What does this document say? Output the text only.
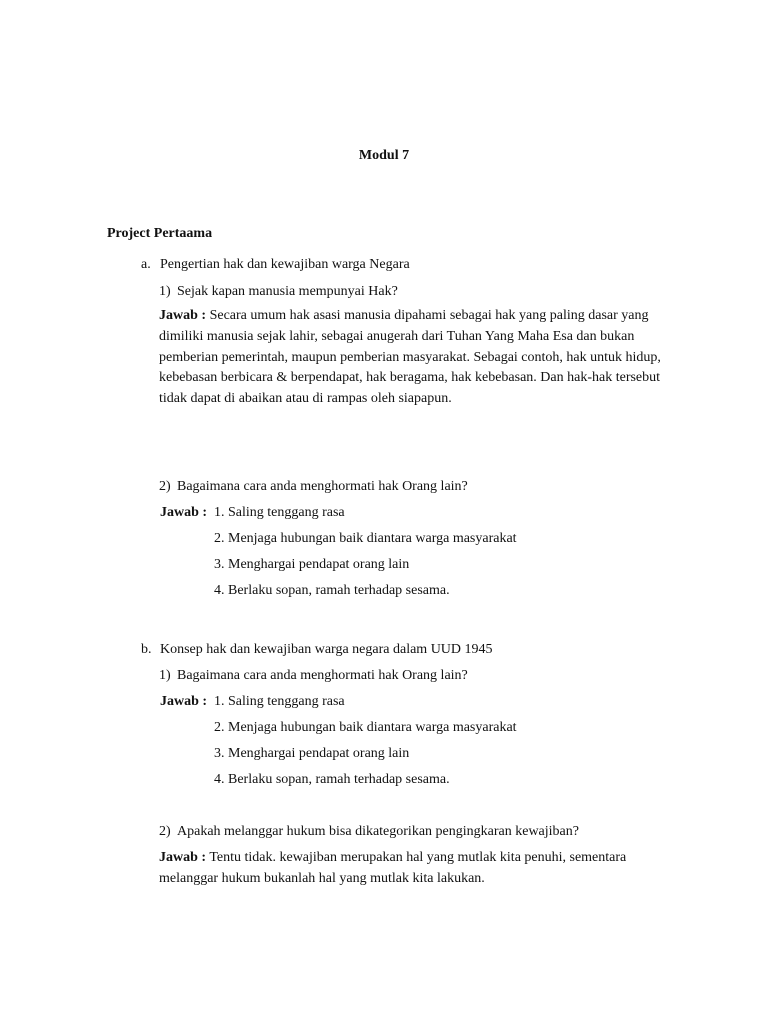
Modul 7
Project Pertaama
a. Pengertian hak dan kewajiban warga Negara
1) Sejak kapan manusia mempunyai Hak?
Jawab : Secara umum hak asasi manusia dipahami sebagai hak yang paling dasar yang dimiliki manusia sejak lahir, sebagai anugerah dari Tuhan Yang Maha Esa dan bukan pemberian pemerintah, maupun pemberian masyarakat. Sebagai contoh, hak untuk hidup, kebebasan berbicara & berpendapat, hak beragama, hak kebebasan. Dan hak-hak tersebut tidak dapat di abaikan atau di rampas oleh siapapun.
2) Bagaimana cara anda menghormati hak Orang lain?
Jawab : 1. Saling tenggang rasa
2. Menjaga hubungan baik diantara warga masyarakat
3. Menghargai pendapat orang lain
4. Berlaku sopan, ramah terhadap sesama.
b. Konsep hak dan kewajiban warga negara dalam UUD 1945
1) Bagaimana cara anda menghormati hak Orang lain?
Jawab : 1. Saling tenggang rasa
2. Menjaga hubungan baik diantara warga masyarakat
3. Menghargai pendapat orang lain
4. Berlaku sopan, ramah terhadap sesama.
2) Apakah melanggar hukum bisa dikategorikan pengingkaran kewajiban?
Jawab : Tentu tidak. kewajiban merupakan hal yang mutlak kita penuhi, sementara melanggar hukum bukanlah hal yang mutlak kita lakukan.
